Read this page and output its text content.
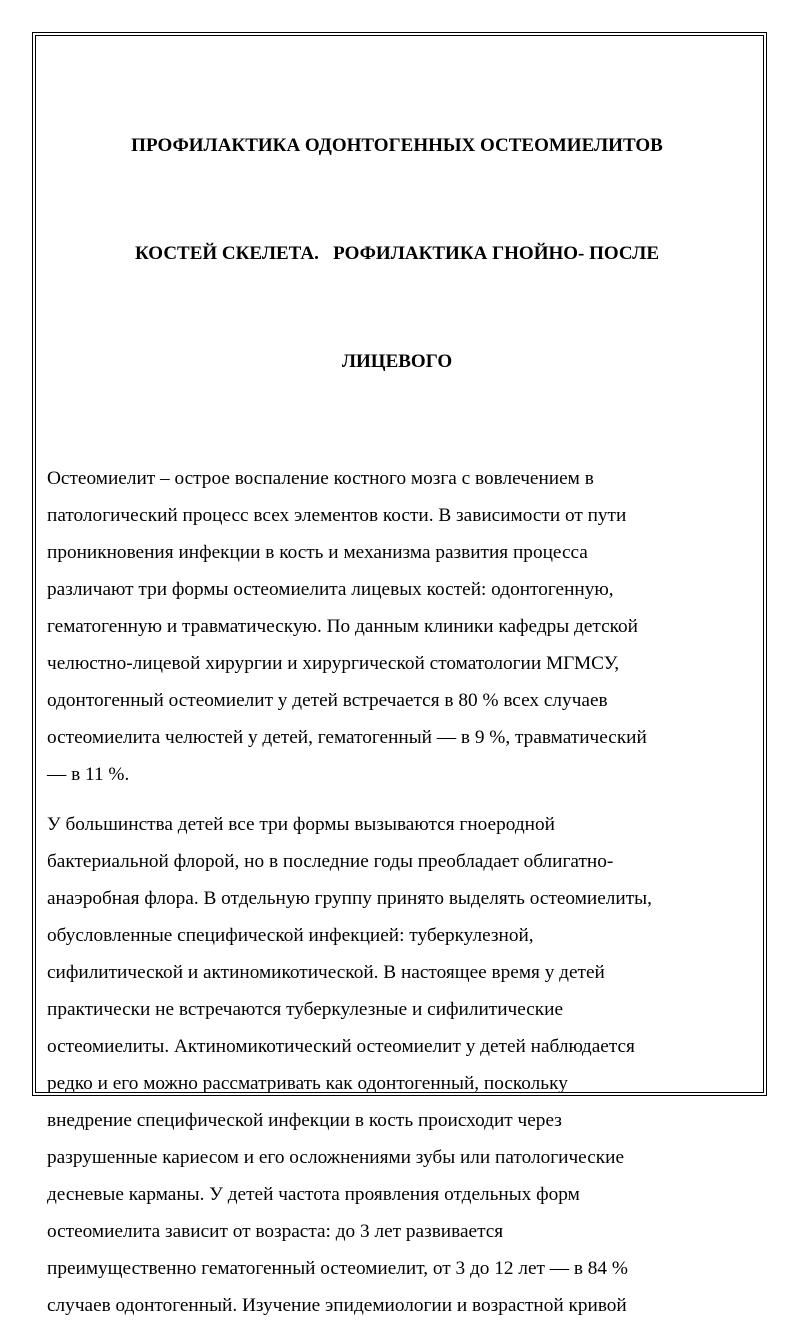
ПРОФИЛАКТИКА ОДОНТОГЕННЫХ ОСТЕОМИЕЛИТОВ

КОСТЕЙ СКЕЛЕТА.   РОФИЛАКТИКА ГНОЙНО- ПОСЛЕ

ЛИЦЕВОГО

Остеомиелит – острое воспаление костного мозга с вовлечением в
патологический процесс всех элементов кости. В зависимости от пути
проникновения инфекции в кость и механизма развития процесса
различают три формы остеомиелита лицевых костей: одонтогенную,
гематогенную и травматическую. По данным клиники кафедры детской
челюстно-лицевой хирургии и хирургической стоматологии МГМСУ,
одонтогенный остеомиелит у детей встречается в 80 % всех случаев
остеомиелита челюстей у детей, гематогенный — в 9 %, травматический
— в 11 %.
У большинства детей все три формы вызываются гноеродной
бактериальной флорой, но в последние годы преобладает облигатно-
анаэробная флора. В отдельную группу принято выделять остеомиелиты,
обусловленные специфической инфекцией: туберкулезной,
сифилитической и актиномикотической. В настоящее время у детей
практически не встречаются туберкулезные и сифилитические
остеомиелиты. Актиномикотический остеомиелит у детей наблюдается
редко и его можно рассматривать как одонтогенный, поскольку
внедрение специфической инфекции в кость происходит через
разрушенные кариесом и его осложнениями зубы или патологические
десневые карманы. У детей частота проявления отдельных форм
остеомиелита зависит от возраста: до 3 лет развивается
преимущественно гематогенный остеомиелит, от 3 до 12 лет — в 84 %
случаев одонтогенный. Изучение эпидемиологии и возрастной кривой
